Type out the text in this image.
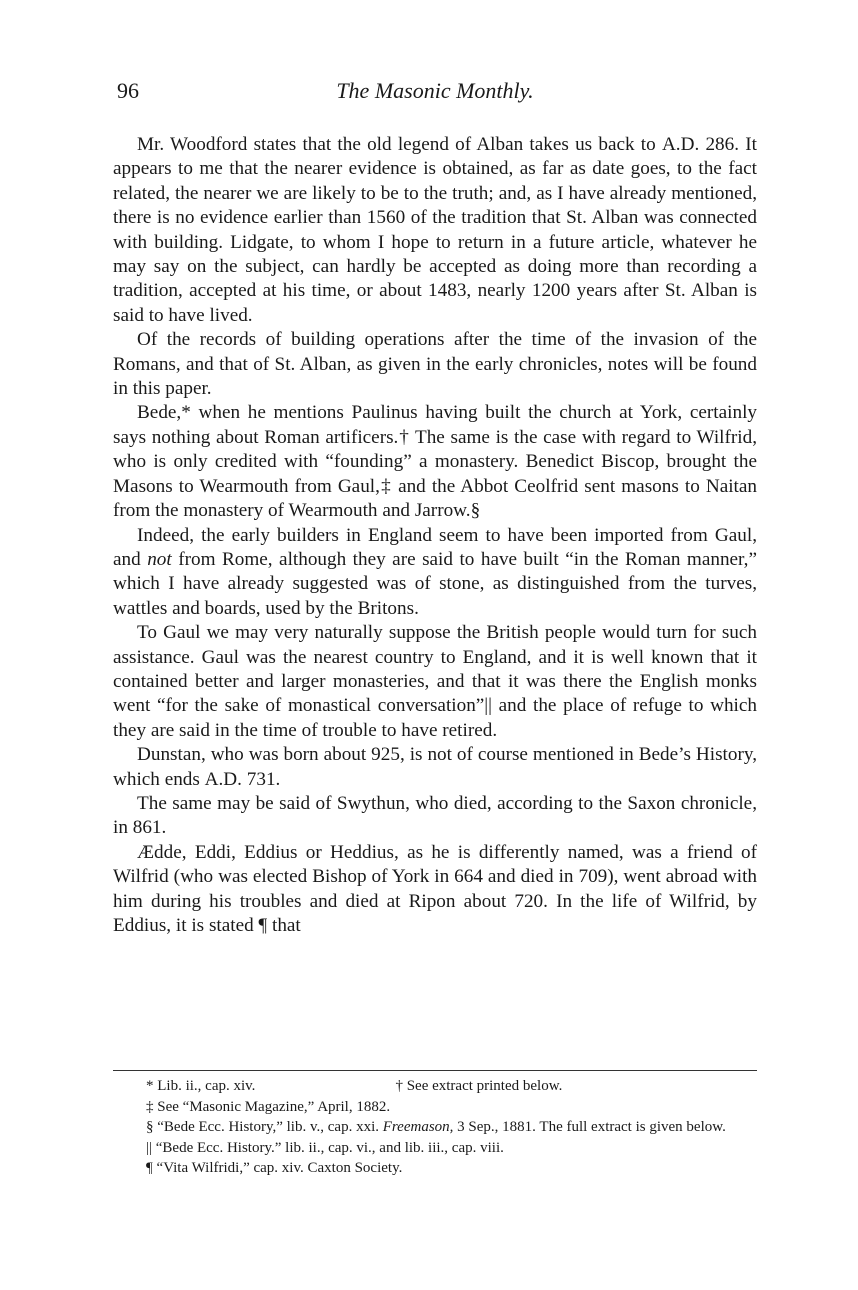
96	The Masonic Monthly.

Mr. Woodford states that the old legend of Alban takes us back to A.D. 286. It appears to me that the nearer evidence is obtained, as far as date goes, to the fact related, the nearer we are likely to be to the truth; and, as I have already mentioned, there is no evidence earlier than 1560 of the tradition that St. Alban was connected with building. Lidgate, to whom I hope to return in a future article, whatever he may say on the subject, can hardly be accepted as doing more than recording a tradition, accepted at his time, or about 1483, nearly 1200 years after St. Alban is said to have lived.

Of the records of building operations after the time of the invasion of the Romans, and that of St. Alban, as given in the early chronicles, notes will be found in this paper.

Bede,* when he mentions Paulinus having built the church at York, certainly says nothing about Roman artificers.† The same is the case with regard to Wilfrid, who is only credited with “founding” a monastery. Benedict Biscop, brought the Masons to Wearmouth from Gaul,‡ and the Abbot Ceolfrid sent masons to Naitan from the monastery of Wearmouth and Jarrow.§

Indeed, the early builders in England seem to have been imported from Gaul, and not from Rome, although they are said to have built “in the Roman manner,” which I have already suggested was of stone, as distinguished from the turves, wattles and boards, used by the Britons.

To Gaul we may very naturally suppose the British people would turn for such assistance. Gaul was the nearest country to England, and it is well known that it contained better and larger monasteries, and that it was there the English monks went “for the sake of monastical conversation”|| and the place of refuge to which they are said in the time of trouble to have retired.

Dunstan, who was born about 925, is not of course mentioned in Bede’s History, which ends A.D. 731.

The same may be said of Swythun, who died, according to the Saxon chronicle, in 861.

Ædde, Eddi, Eddius or Heddius, as he is differently named, was a friend of Wilfrid (who was elected Bishop of York in 664 and died in 709), went abroad with him during his troubles and died at Ripon about 720. In the life of Wilfrid, by Eddius, it is stated ¶ that

* Lib. ii., cap. xiv.	† See extract printed below.

‡ See “Masonic Magazine,” April, 1882.

§ “Bede Ecc. History,” lib. v., cap. xxi. Freemason, 3 Sep., 1881. The full extract is given below.

|| “Bede Ecc. History.” lib. ii., cap. vi., and lib. iii., cap. viii.

¶ “Vita Wilfridi,” cap. xiv. Caxton Society.
